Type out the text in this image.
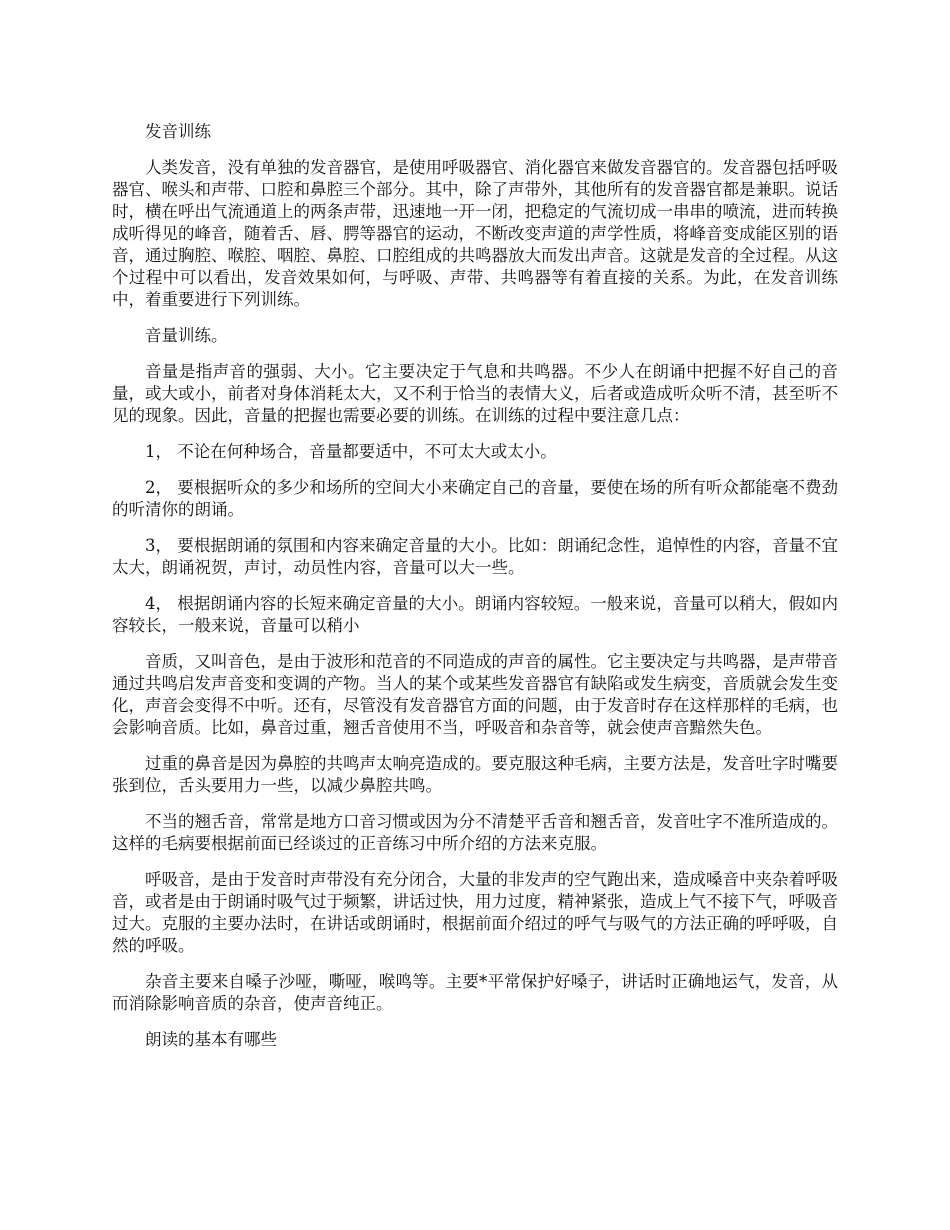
发音训练

人类发音，没有单独的发音器官，是使用呼吸器官、消化器官来做发音器官的。发音器包括呼吸器官、喉头和声带、口腔和鼻腔三个部分。其中，除了声带外，其他所有的发音器官都是兼职。说话时，横在呼出气流通道上的两条声带，迅速地一开一闭，把稳定的气流切成一串串的喷流，进而转换成听得见的峰音，随着舌、唇、腭等器官的运动，不断改变声道的声学性质，将峰音变成能区别的语音，通过胸腔、喉腔、咽腔、鼻腔、口腔组成的共鸣器放大而发出声音。这就是发音的全过程。从这个过程中可以看出，发音效果如何，与呼吸、声带、共鸣器等有着直接的关系。为此，在发音训练中，着重要进行下列训练。

音量训练。

音量是指声音的强弱、大小。它主要决定于气息和共鸣器。不少人在朗诵中把握不好自己的音量，或大或小，前者对身体消耗太大，又不利于恰当的表情大义，后者或造成听众听不清，甚至听不见的现象。因此，音量的把握也需要必要的训练。在训练的过程中要注意几点：

1， 不论在何种场合，音量都要适中，不可太大或太小。

2， 要根据听众的多少和场所的空间大小来确定自己的音量，要使在场的所有听众都能毫不费劲的听清你的朗诵。

3， 要根据朗诵的氛围和内容来确定音量的大小。比如：朗诵纪念性，追悼性的内容，音量不宜太大，朗诵祝贺，声讨，动员性内容，音量可以大一些。

4， 根据朗诵内容的长短来确定音量的大小。朗诵内容较短。一般来说，音量可以稍大，假如内容较长，一般来说，音量可以稍小

音质，又叫音色，是由于波形和范音的不同造成的声音的属性。它主要决定与共鸣器，是声带音通过共鸣启发声音变和变调的产物。当人的某个或某些发音器官有缺陷或发生病变，音质就会发生变化，声音会变得不中听。还有，尽管没有发音器官方面的问题，由于发音时存在这样那样的毛病，也会影响音质。比如，鼻音过重，翘舌音使用不当，呼吸音和杂音等，就会使声音黯然失色。

过重的鼻音是因为鼻腔的共鸣声太响亮造成的。要克服这种毛病，主要方法是，发音吐字时嘴要张到位，舌头要用力一些，以减少鼻腔共鸣。

不当的翘舌音，常常是地方口音习惯或因为分不清楚平舌音和翘舌音，发音吐字不准所造成的。这样的毛病要根据前面已经谈过的正音练习中所介绍的方法来克服。

呼吸音，是由于发音时声带没有充分闭合，大量的非发声的空气跑出来，造成嗓音中夹杂着呼吸音，或者是由于朗诵时吸气过于频繁，讲话过快，用力过度，精神紧张，造成上气不接下气，呼吸音过大。克服的主要办法时，在讲话或朗诵时，根据前面介绍过的呼气与吸气的方法正确的呼呼吸，自然的呼吸。

杂音主要来自嗓子沙哑，嘶哑，喉鸣等。主要*平常保护好嗓子，讲话时正确地运气，发音，从而消除影响音质的杂音，使声音纯正。

朗读的基本有哪些
